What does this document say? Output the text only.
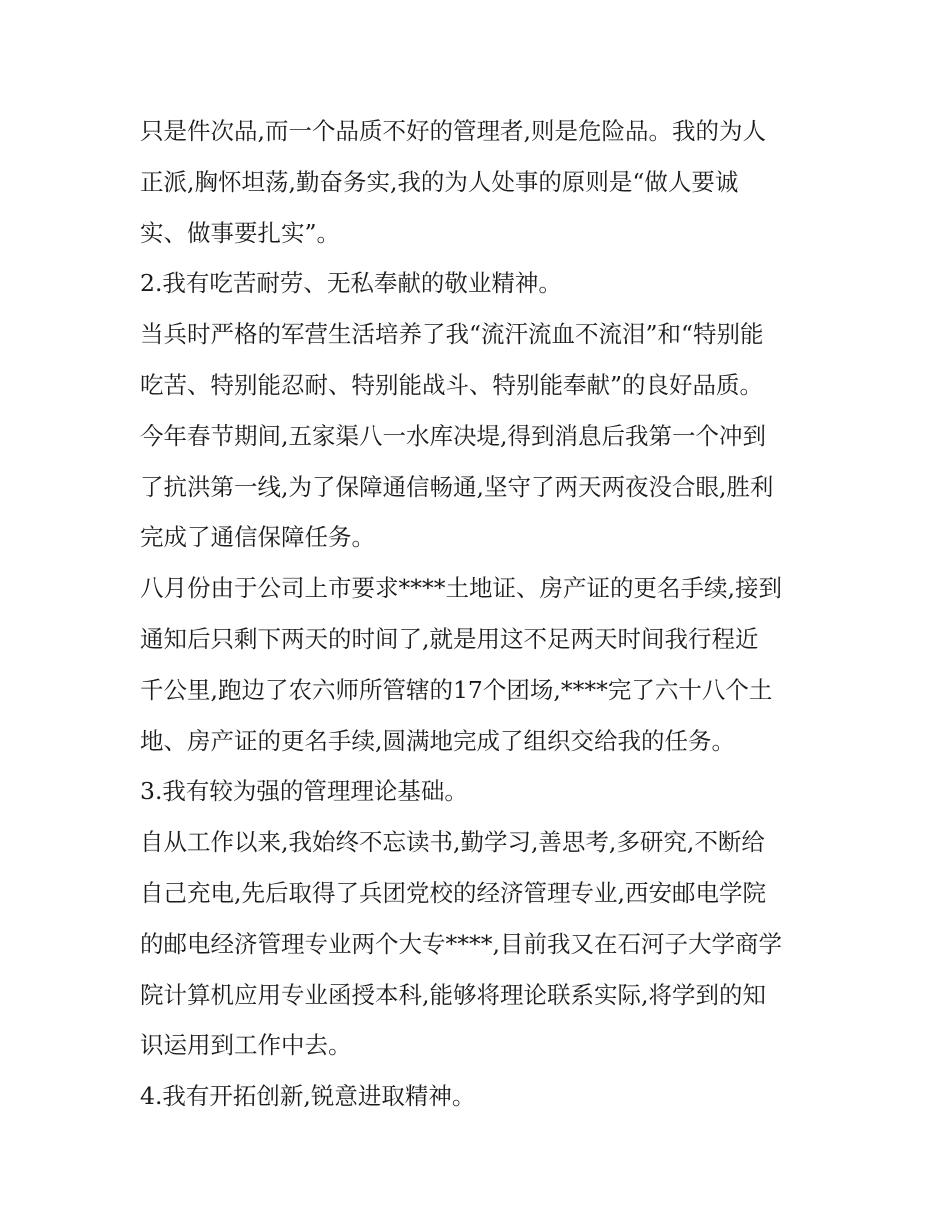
只是件次品,而一个品质不好的管理者,则是危险品。我的为人
正派,胸怀坦荡,勤奋务实,我的为人处事的原则是“做人要诚
实、做事要扎实”。
2.我有吃苦耐劳、无私奉献的敬业精神。
当兵时严格的军营生活培养了我“流汗流血不流泪”和“特别能
吃苦、特别能忍耐、特别能战斗、特别能奉献”的良好品质。
今年春节期间,五家渠八一水库决堤,得到消息后我第一个冲到
了抗洪第一线,为了保障通信畅通,坚守了两天两夜没合眼,胜利
完成了通信保障任务。
八月份由于公司上市要求****土地证、房产证的更名手续,接到
通知后只剩下两天的时间了,就是用这不足两天时间我行程近
千公里,跑边了农六师所管辖的17个团场,****完了六十八个土
地、房产证的更名手续,圆满地完成了组织交给我的任务。
3.我有较为强的管理理论基础。
自从工作以来,我始终不忘读书,勤学习,善思考,多研究,不断给
自己充电,先后取得了兵团党校的经济管理专业,西安邮电学院
的邮电经济管理专业两个大专****,目前我又在石河子大学商学
院计算机应用专业函授本科,能够将理论联系实际,将学到的知
识运用到工作中去。
4.我有开拓创新,锐意进取精神。
